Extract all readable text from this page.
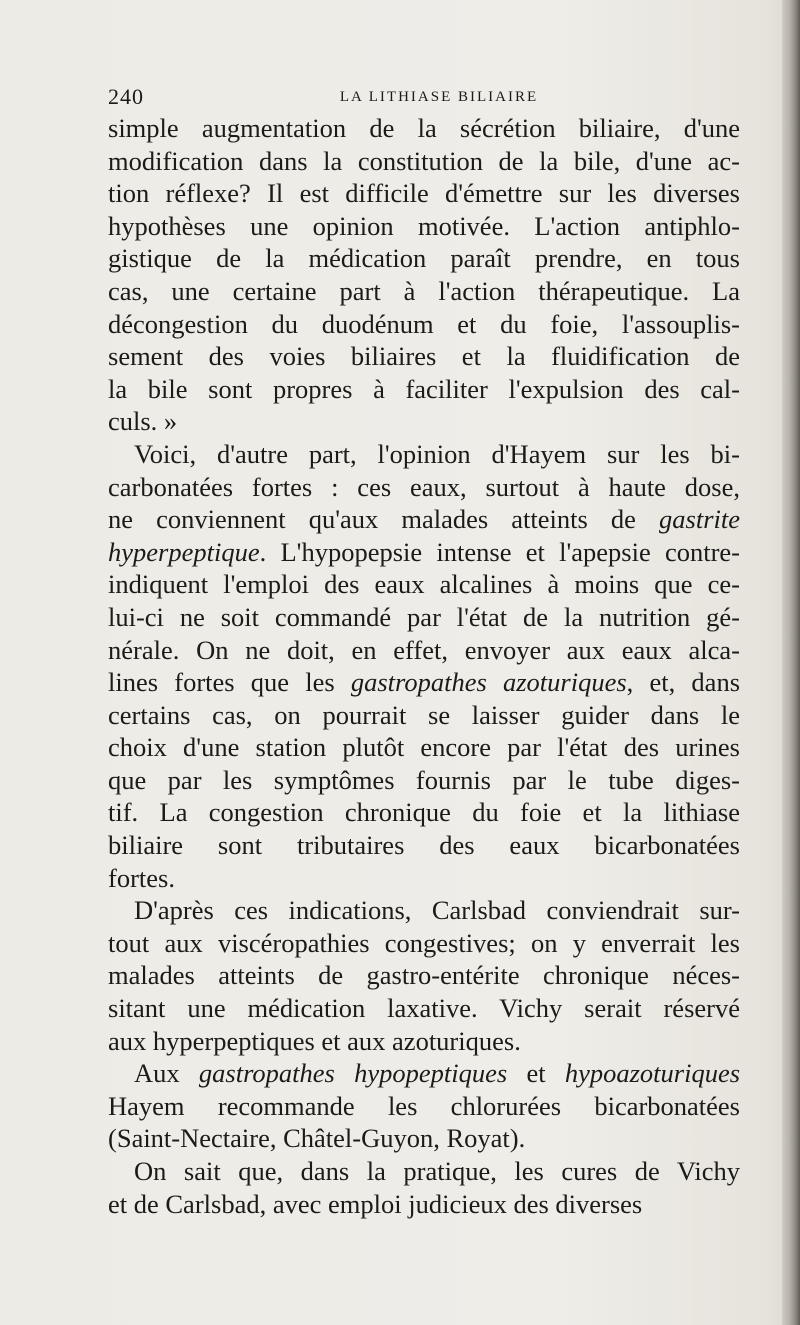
240	LA LITHIASE BILIAIRE
simple augmentation de la sécrétion biliaire, d'une
modification dans la constitution de la bile, d'une ac-
tion réflexe? Il est difficile d'émettre sur les diverses
hypothèses une opinion motivée. L'action antiphlo-
gistique de la médication paraît prendre, en tous
cas, une certaine part à l'action thérapeutique. La
décongestion du duodénum et du foie, l'assouplis-
sement des voies biliaires et la fluidification de
la bile sont propres à faciliter l'expulsion des cal-
culs. »
Voici, d'autre part, l'opinion d'Hayem sur les bi-
carbonatées fortes : ces eaux, surtout à haute dose,
ne conviennent qu'aux malades atteints de gastrite
hyperpeptique. L'hypopepsie intense et l'apepsie contre-
indiquent l'emploi des eaux alcalines à moins que ce-
lui-ci ne soit commandé par l'état de la nutrition gé-
nérale. On ne doit, en effet, envoyer aux eaux alca-
lines fortes que les gastropathes azoturiques, et, dans
certains cas, on pourrait se laisser guider dans le
choix d'une station plutôt encore par l'état des urines
que par les symptômes fournis par le tube diges-
tif. La congestion chronique du foie et la lithiase
biliaire sont tributaires des eaux bicarbonatées
fortes.
D'après ces indications, Carlsbad conviendrait sur-
tout aux viscéropathies congestives; on y enverrait les
malades atteints de gastro-entérite chronique néces-
sitant une médication laxative. Vichy serait réservé
aux hyperpeptiques et aux azoturiques.
Aux gastropathes hypopeptiques et hypoazoturiques
Hayem recommande les chlorurées bicarbonatées
(Saint-Nectaire, Châtel-Guyon, Royat).
On sait que, dans la pratique, les cures de Vichy
et de Carlsbad, avec emploi judicieux des diverses
